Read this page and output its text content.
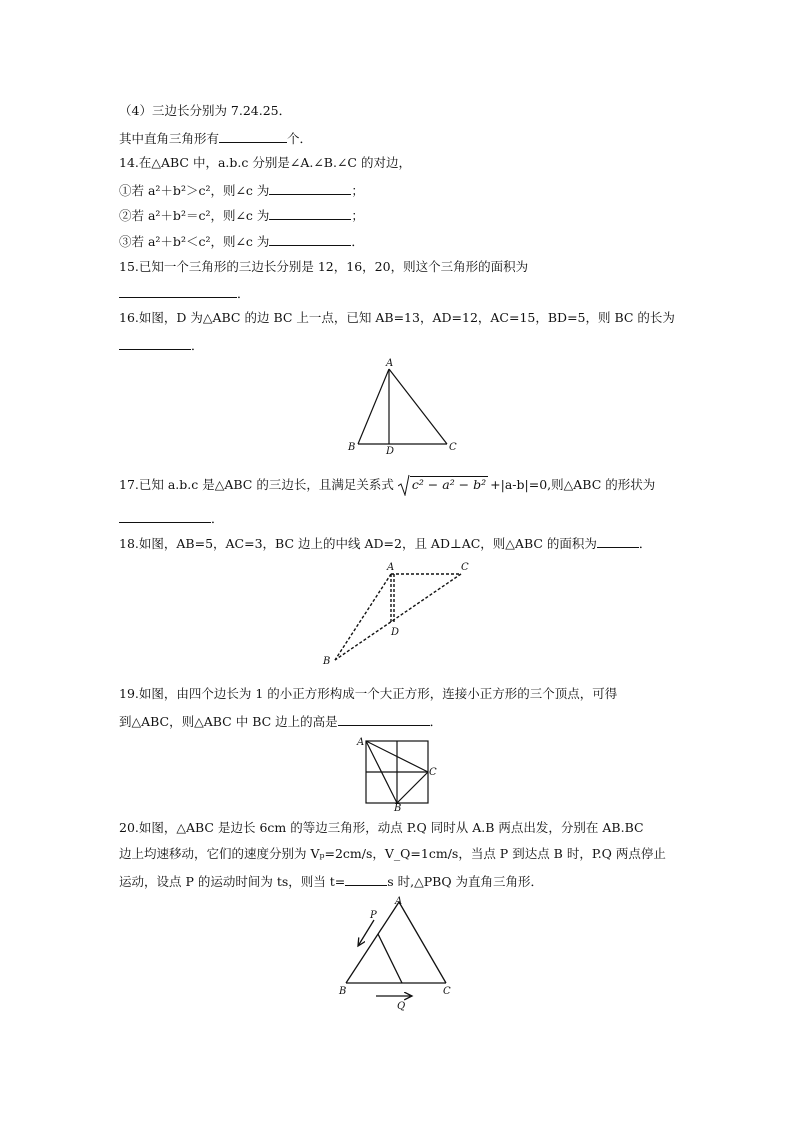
（4）三边长分别为 7.24.25．
其中直角三角形有	个．
14.在△ABC 中，a.b.c 分别是∠A.∠B.∠C 的对边，
①若 a²＋b²＞c²，则∠c 为	；
②若 a²＋b²＝c²，则∠c 为	；
③若 a²＋b²＜c²，则∠c 为	．
15.已知一个三角形的三边长分别是 12，16，20，则这个三角形的面积为
．
16.如图，D 为△ABC 的边 BC 上一点，已知 AB=13，AD=12，AC=15，BD=5，则 BC 的长为
．
A
B	D	C
17.已知 a.b.c 是△ABC 的三边长，且满足关系式 c² − a² − b² +|a-b|=0,则△ABC 的形状为
．
18.如图，AB=5，AC=3，BC 边上的中线 AD=2，且 AD⊥AC，则△ABC 的面积为	．
A	C
D
B
19.如图，由四个边长为 1 的小正方形构成一个大正方形，连接小正方形的三个顶点，可得
到△ABC，则△ABC 中 BC 边上的高是	．
A
C
B
20.如图，△ABC 是边长 6cm 的等边三角形，动点 P.Q 同时从 A.B 两点出发，分别在 AB.BC
边上均速移动，它们的速度分别为 Vₚ=2cm/s，V_Q=1cm/s，当点 P 到达点 B 时，P.Q 两点停止
运动，设点 P 的运动时间为 ts，则当 t=	s 时,△PBQ 为直角三角形．
A
P
B	C
Q
